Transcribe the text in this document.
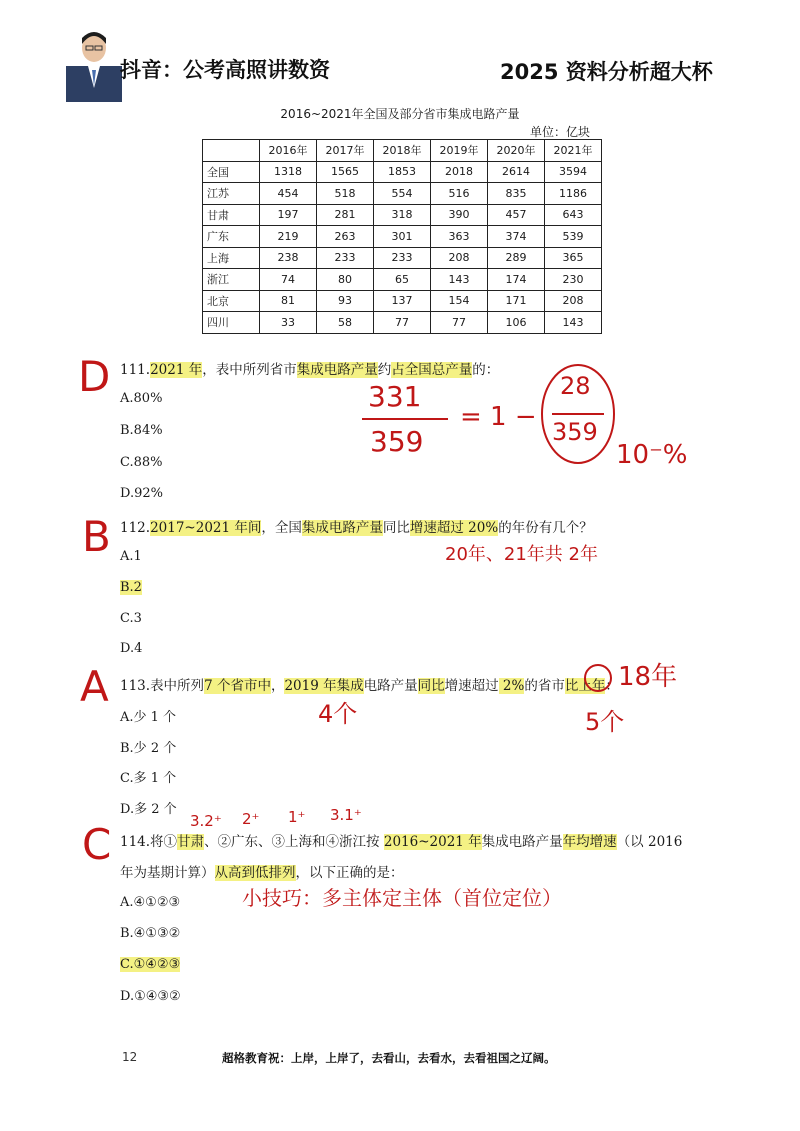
抖音：公考高照讲数资	2025 资料分析超大杯
2016~2021年全国及部分省市集成电路产量
单位：亿块
	2016年	2017年	2018年	2019年	2020年	2021年
全国	1318	1565	1853	2018	2614	3594
江苏	454	518	554	516	835	1186
甘肃	197	281	318	390	457	643
广东	219	263	301	363	374	539
上海	238	233	233	208	289	365
浙江	74	80	65	143	174	230
北京	81	93	137	154	171	208
四川	33	58	77	77	106	143
111.2021 年，表中所列省市集成电路产量约占全国总产量的：
A.80%
B.84%
C.88%
D.92%
112.2017~2021 年间，全国集成电路产量同比增速超过 20%的年份有几个？
A.1
B.2
C.3
D.4
113.表中所列7 个省市中，2019 年集成电路产量同比增速超过 2%的省市比上年：
A.少 1 个
B.少 2 个
C.多 1 个
D.多 2 个
114.将①甘肃、②广东、③上海和④浙江按 2016~2021 年集成电路产量年均增速（以 2016
年为基期计算）从高到低排列，以下正确的是：
A.④①②③
B.④①③②
C.①④②③
D.①④③②
D
B
A
C
331
359
= 1 −
28
359
10⁻%
20年、21年共 2年
4个
18年
5个
3.2⁺ 2⁺ 1⁺ 3.1⁺
小技巧：多主体定主体（首位定位）
12	超格教育祝：上岸，上岸了，去看山，去看水，去看祖国之辽阔。
